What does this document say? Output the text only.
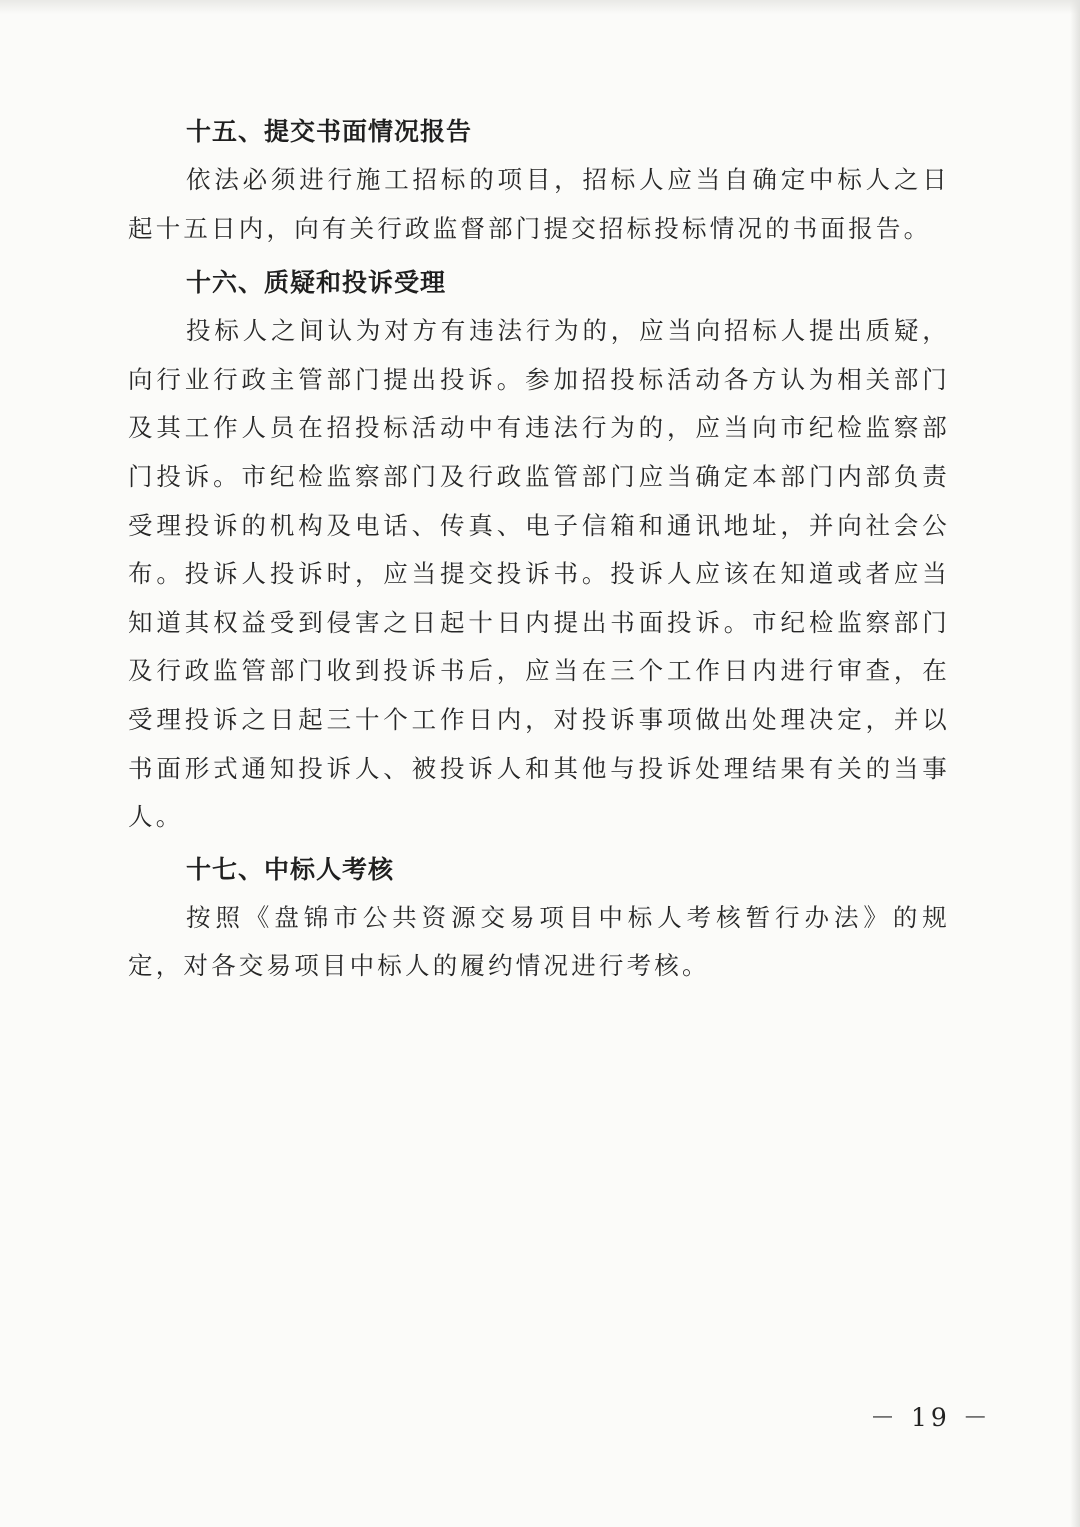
十五、提交书面情况报告

依法必须进行施工招标的项目，招标人应当自确定中标人之日起十五日内，向有关行政监督部门提交招标投标情况的书面报告。

十六、质疑和投诉受理

投标人之间认为对方有违法行为的，应当向招标人提出质疑，向行业行政主管部门提出投诉。参加招投标活动各方认为相关部门及其工作人员在招投标活动中有违法行为的，应当向市纪检监察部门投诉。市纪检监察部门及行政监管部门应当确定本部门内部负责受理投诉的机构及电话、传真、电子信箱和通讯地址，并向社会公布。投诉人投诉时，应当提交投诉书。投诉人应该在知道或者应当知道其权益受到侵害之日起十日内提出书面投诉。市纪检监察部门及行政监管部门收到投诉书后，应当在三个工作日内进行审查，在受理投诉之日起三十个工作日内，对投诉事项做出处理决定，并以书面形式通知投诉人、被投诉人和其他与投诉处理结果有关的当事人。

十七、中标人考核

按照《盘锦市公共资源交易项目中标人考核暂行办法》的规定，对各交易项目中标人的履约情况进行考核。

－ 19 －
